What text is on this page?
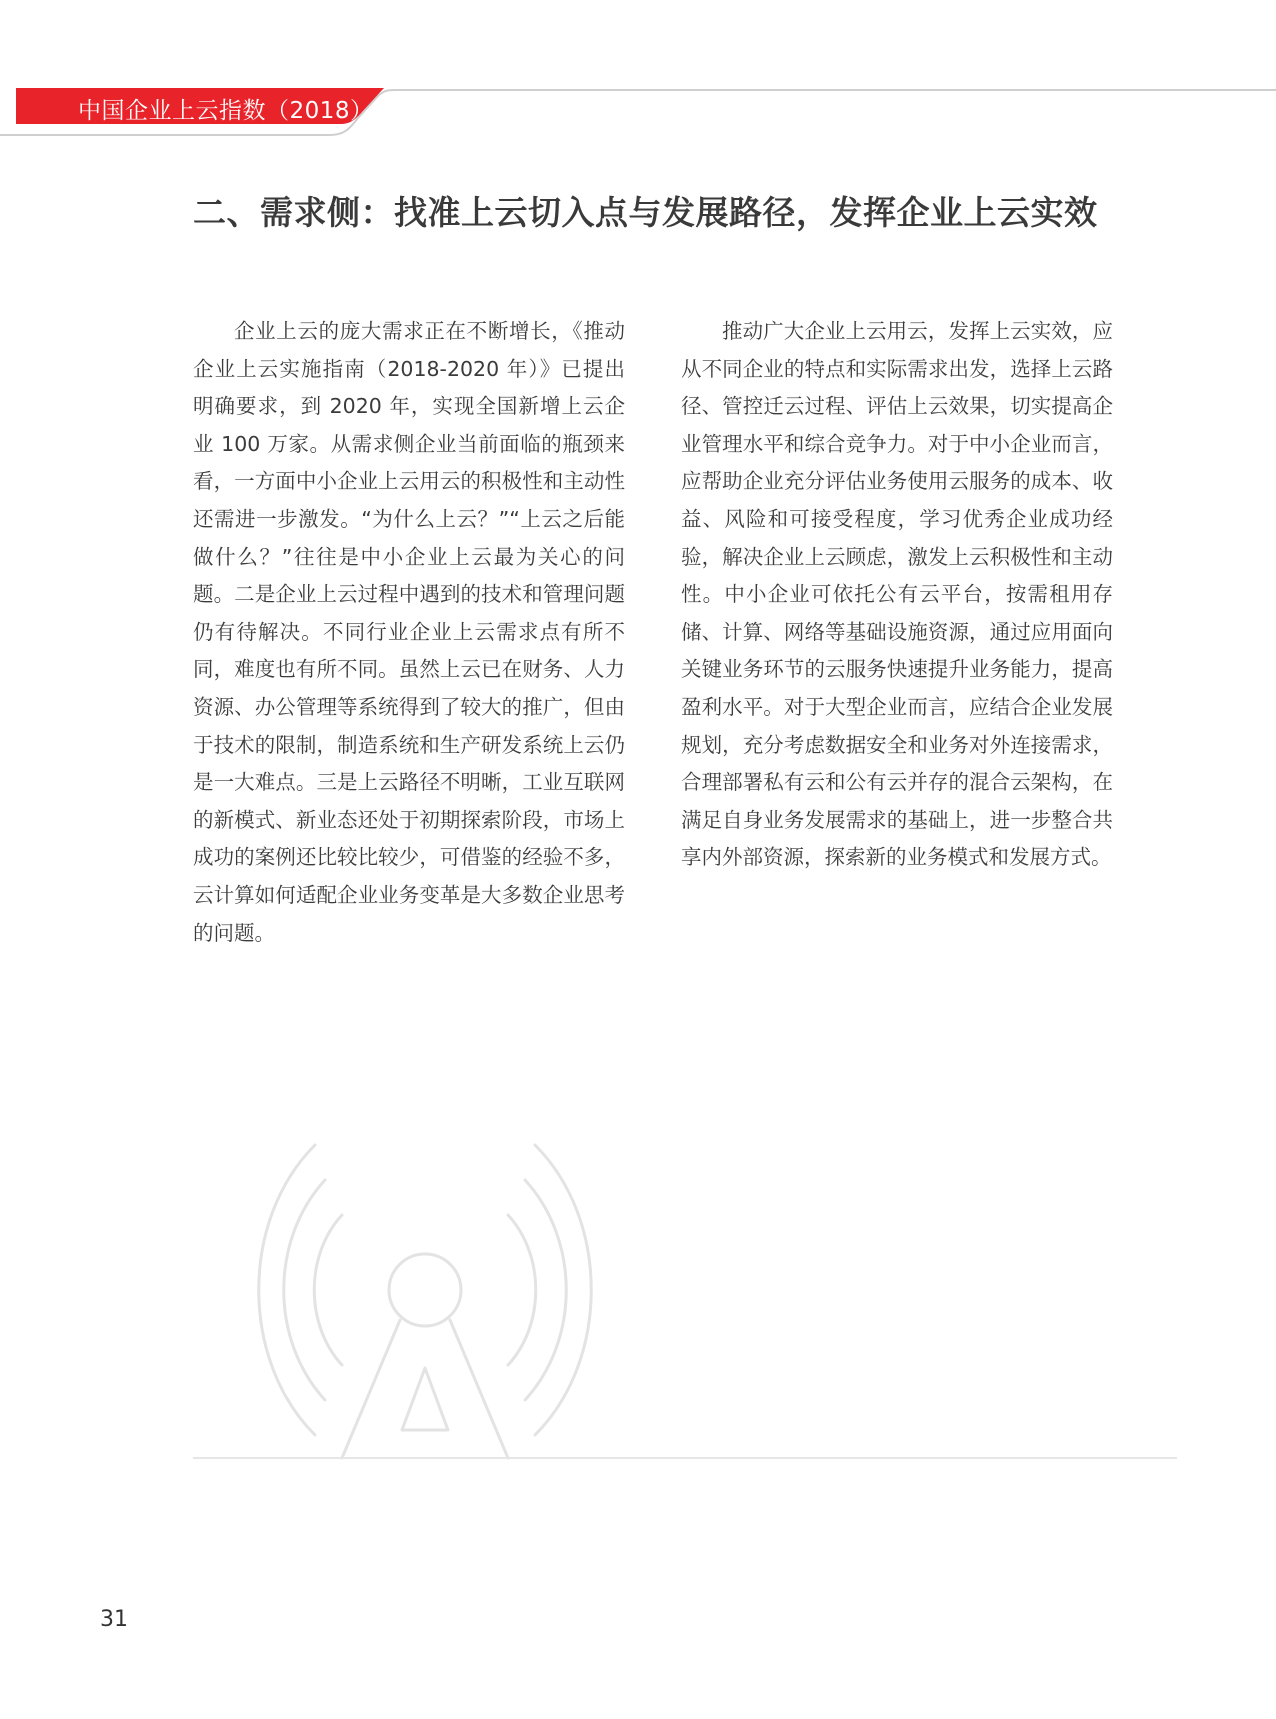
中国企业上云指数（2018）
二、需求侧：找准上云切入点与发展路径，发挥企业上云实效

企业上云的庞大需求正在不断增长，《推动企业上云实施指南（2018-2020 年）》已提出明确要求，到 2020 年，实现全国新增上云企业 100 万家。从需求侧企业当前面临的瓶颈来看，一方面中小企业上云用云的积极性和主动性还需进一步激发。“为什么上云？”“上云之后能做什么？”往往是中小企业上云最为关心的问题。二是企业上云过程中遇到的技术和管理问题仍有待解决。不同行业企业上云需求点有所不同，难度也有所不同。虽然上云已在财务、人力资源、办公管理等系统得到了较大的推广，但由于技术的限制，制造系统和生产研发系统上云仍是一大难点。三是上云路径不明晰，工业互联网的新模式、新业态还处于初期探索阶段，市场上成功的案例还比较比较少，可借鉴的经验不多，云计算如何适配企业业务变革是大多数企业思考的问题。

推动广大企业上云用云，发挥上云实效，应从不同企业的特点和实际需求出发，选择上云路径、管控迁云过程、评估上云效果，切实提高企业管理水平和综合竞争力。对于中小企业而言，应帮助企业充分评估业务使用云服务的成本、收益、风险和可接受程度，学习优秀企业成功经验，解决企业上云顾虑，激发上云积极性和主动性。中小企业可依托公有云平台，按需租用存储、计算、网络等基础设施资源，通过应用面向关键业务环节的云服务快速提升业务能力，提高盈利水平。对于大型企业而言，应结合企业发展规划，充分考虑数据安全和业务对外连接需求，合理部署私有云和公有云并存的混合云架构，在满足自身业务发展需求的基础上，进一步整合共享内外部资源，探索新的业务模式和发展方式。

31
